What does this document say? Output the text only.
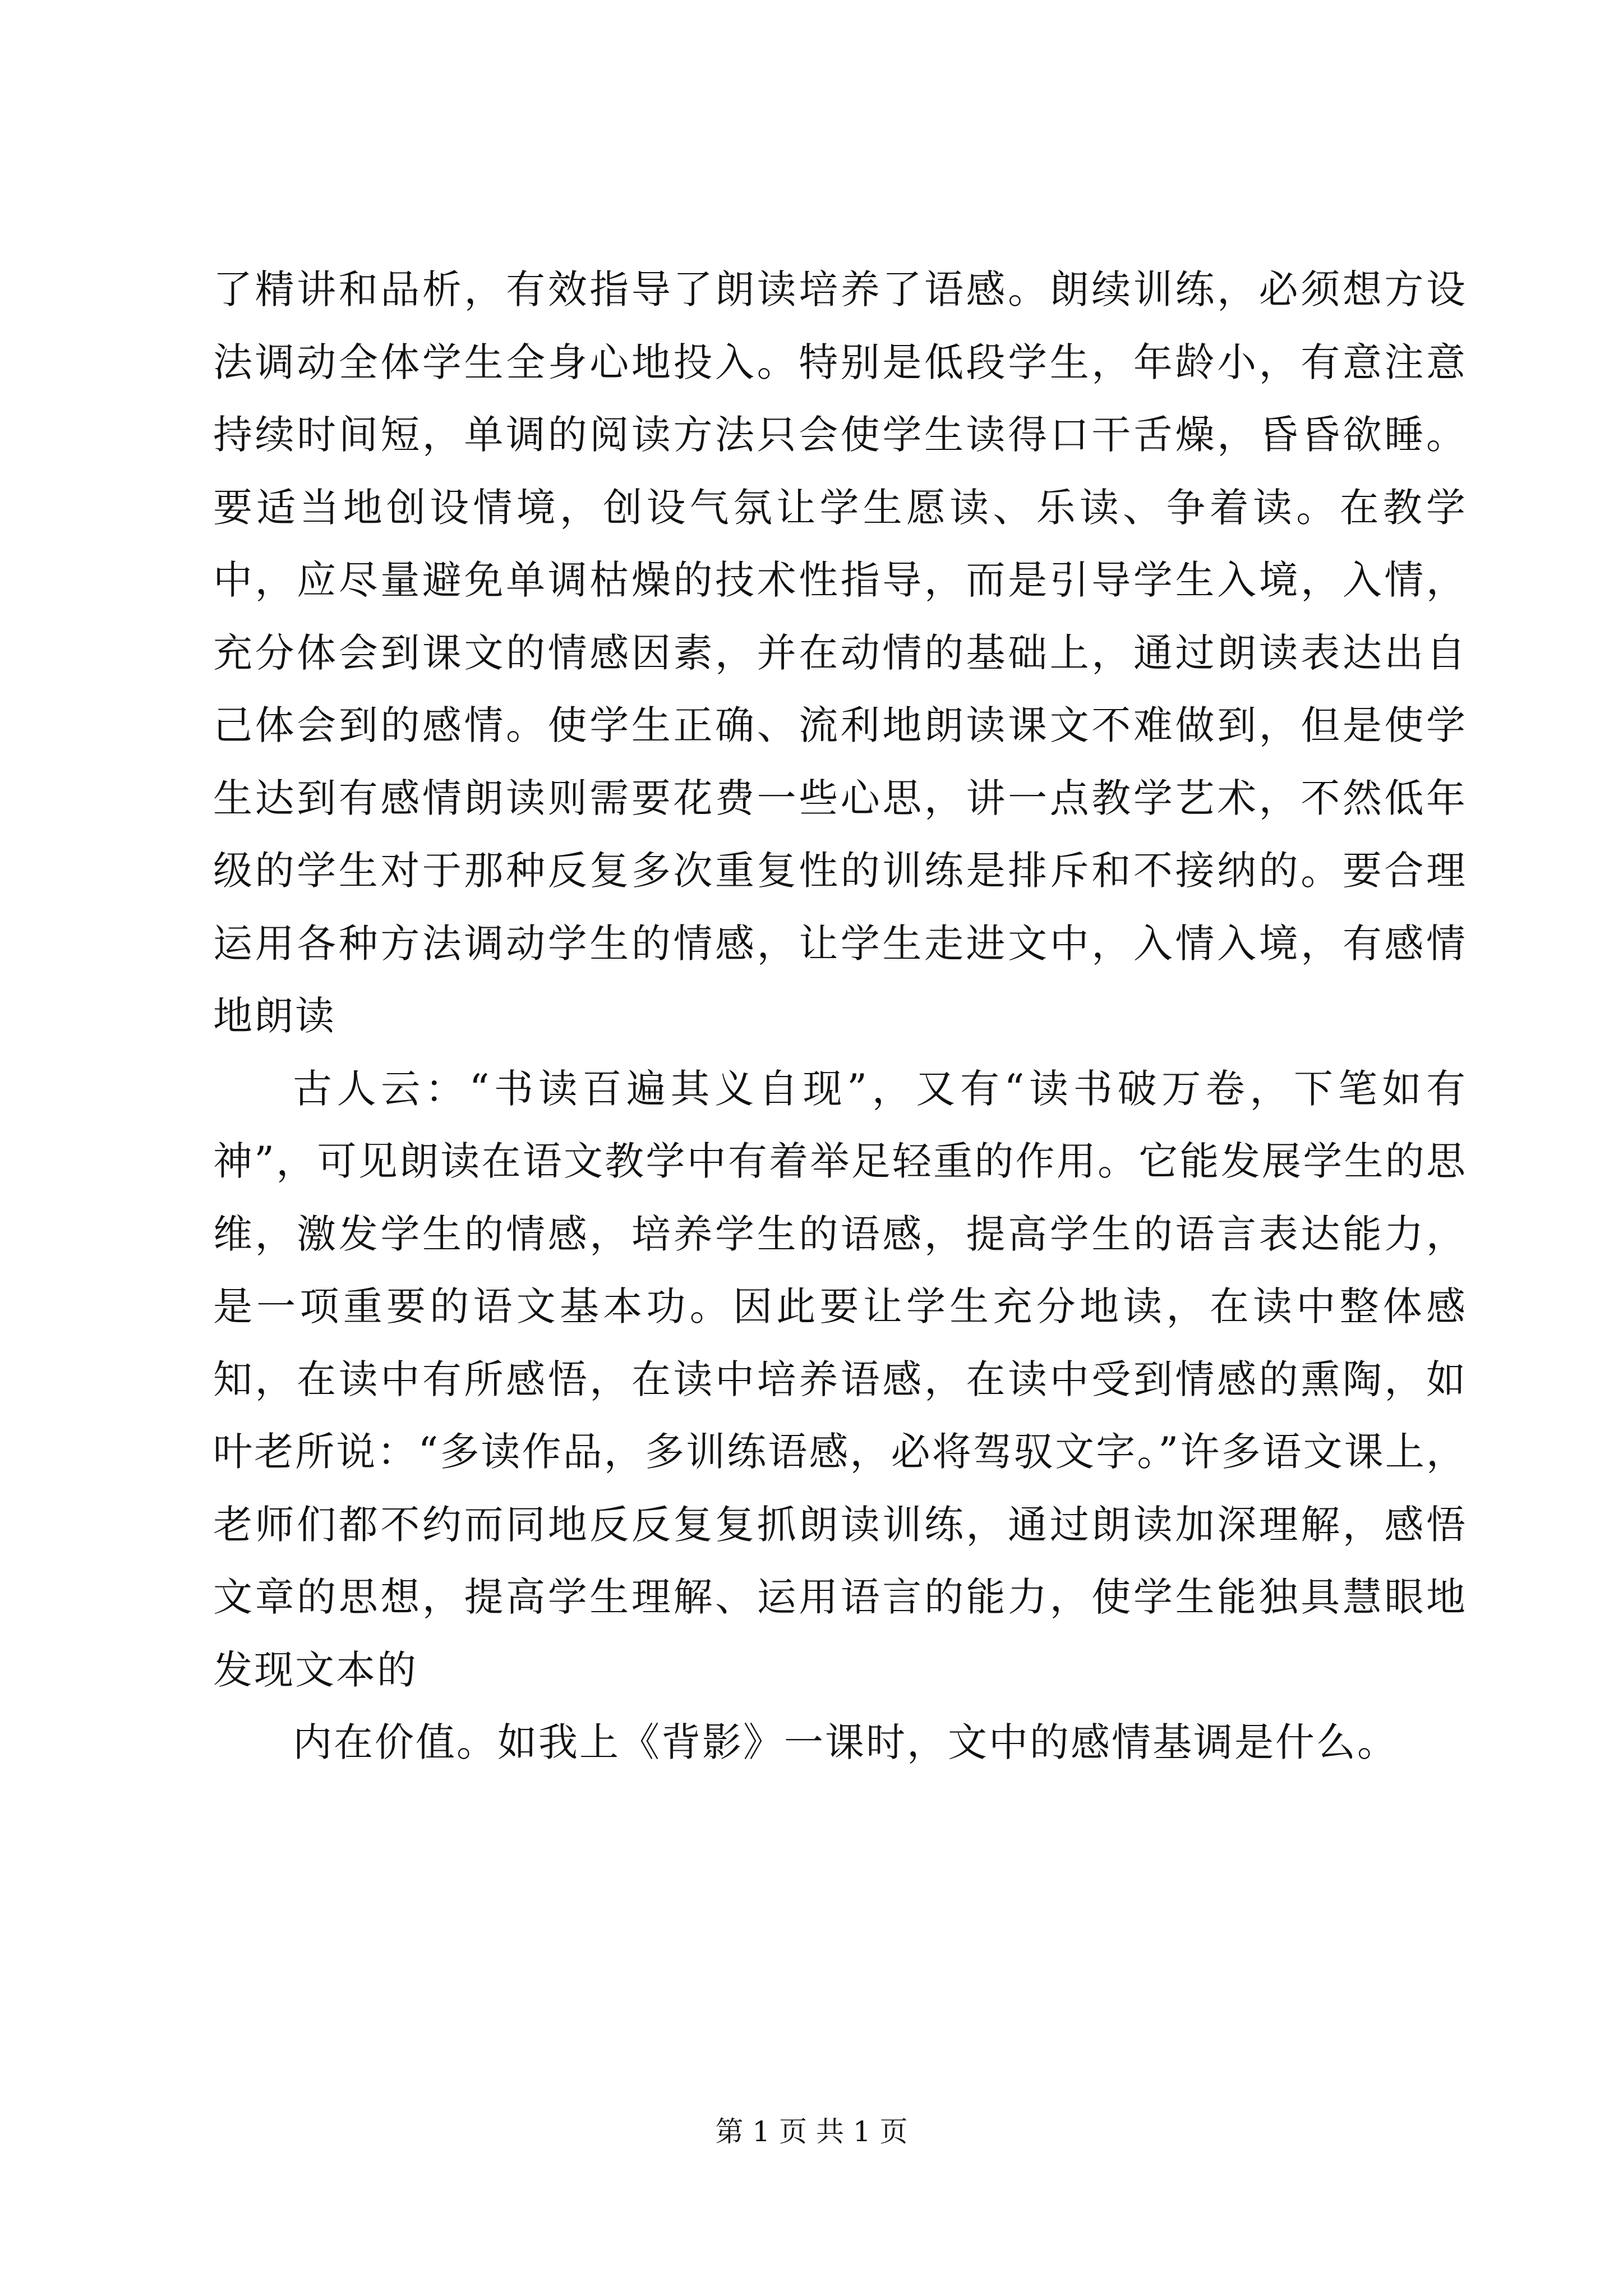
了精讲和品析，有效指导了朗读培养了语感。朗续训练，必须想方设法调动全体学生全身心地投入。特别是低段学生，年龄小，有意注意持续时间短，单调的阅读方法只会使学生读得口干舌燥，昏昏欲睡。要适当地创设情境，创设气氛让学生愿读、乐读、争着读。在教学中，应尽量避免单调枯燥的技术性指导，而是引导学生入境，入情，充分体会到课文的情感因素，并在动情的基础上，通过朗读表达出自己体会到的感情。使学生正确、流利地朗读课文不难做到，但是使学生达到有感情朗读则需要花费一些心思，讲一点教学艺术，不然低年级的学生对于那种反复多次重复性的训练是排斥和不接纳的。要合理运用各种方法调动学生的情感，让学生走进文中，入情入境，有感情地朗读

古人云：“书读百遍其义自现”，又有“读书破万卷，下笔如有神”，可见朗读在语文教学中有着举足轻重的作用。它能发展学生的思维，激发学生的情感，培养学生的语感，提高学生的语言表达能力，是一项重要的语文基本功。因此要让学生充分地读，在读中整体感知，在读中有所感悟，在读中培养语感，在读中受到情感的熏陶，如叶老所说：“多读作品，多训练语感，必将驾驭文字。”许多语文课上，老师们都不约而同地反反复复抓朗读训练，通过朗读加深理解，感悟文章的思想，提高学生理解、运用语言的能力，使学生能独具慧眼地发现文本的

内在价值。如我上《背影》一课时，文中的感情基调是什么。

第 1 页 共 1 页
